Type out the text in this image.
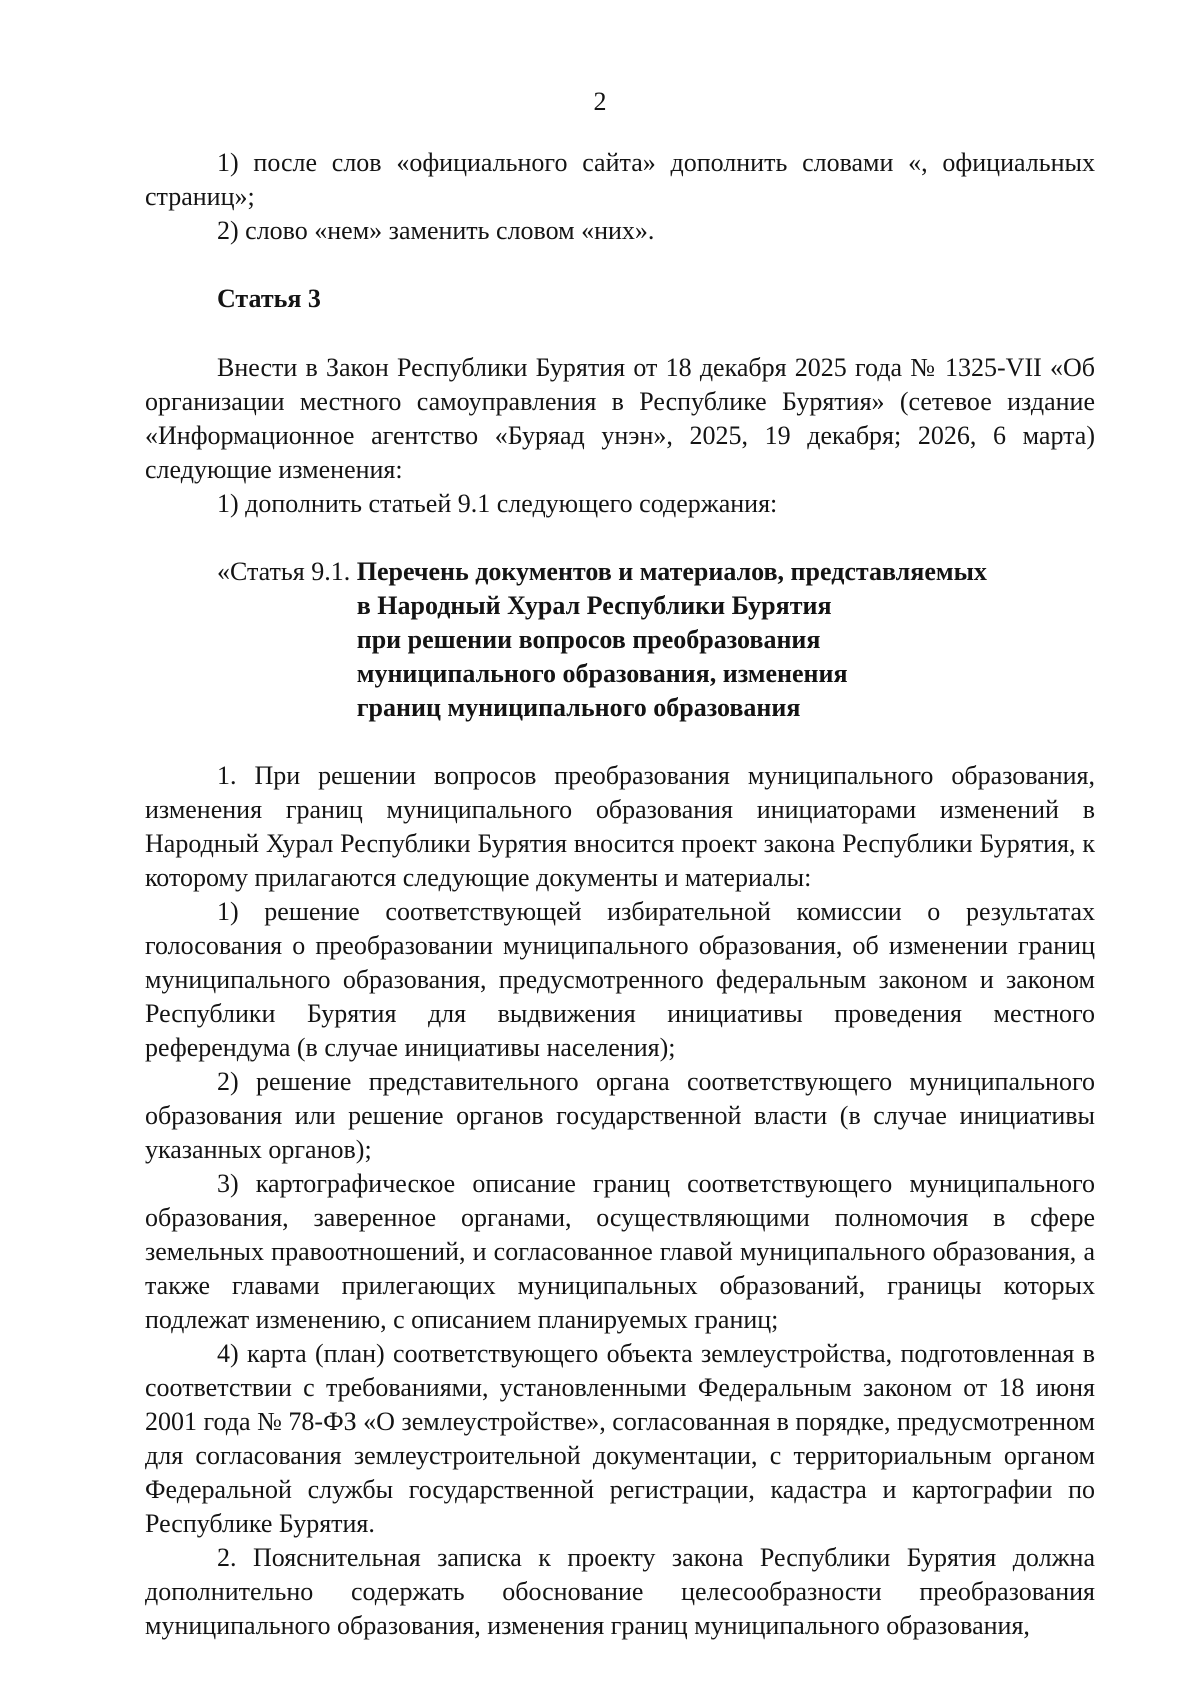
2

1) после слов «официального сайта» дополнить словами «, официальных страниц»;

2) слово «нем» заменить словом «них».

Статья 3

Внести в Закон Республики Бурятия от 18 декабря 2025 года № 1325-VII «Об организации местного самоуправления в Республике Бурятия» (сетевое издание «Информационное агентство «Буряад унэн», 2025, 19 декабря; 2026, 6 марта) следующие изменения:

1) дополнить статьей 9.1 следующего содержания:

«Статья 9.1. Перечень документов и материалов, представляемых
в Народный Хурал Республики Бурятия
при решении вопросов преобразования
муниципального образования, изменения
границ муниципального образования

1. При решении вопросов преобразования муниципального образования, изменения границ муниципального образования инициаторами изменений в Народный Хурал Республики Бурятия вносится проект закона Республики Бурятия, к которому прилагаются следующие документы и материалы:

1) решение соответствующей избирательной комиссии о результатах голосования о преобразовании муниципального образования, об изменении границ муниципального образования, предусмотренного федеральным законом и законом Республики Бурятия для выдвижения инициативы проведения местного референдума (в случае инициативы населения);

2) решение представительного органа соответствующего муниципального образования или решение органов государственной власти (в случае инициативы указанных органов);

3) картографическое описание границ соответствующего муниципального образования, заверенное органами, осуществляющими полномочия в сфере земельных правоотношений, и согласованное главой муниципального образования, а также главами прилегающих муниципальных образований, границы которых подлежат изменению, с описанием планируемых границ;

4) карта (план) соответствующего объекта землеустройства, подготовленная в соответствии с требованиями, установленными Федеральным законом от 18 июня 2001 года № 78-ФЗ «О землеустройстве», согласованная в порядке, предусмотренном для согласования землеустроительной документации, с территориальным органом Федеральной службы государственной регистрации, кадастра и картографии по Республике Бурятия.

2. Пояснительная записка к проекту закона Республики Бурятия должна дополнительно содержать обоснование целесообразности преобразования муниципального образования, изменения границ муниципального образования,
